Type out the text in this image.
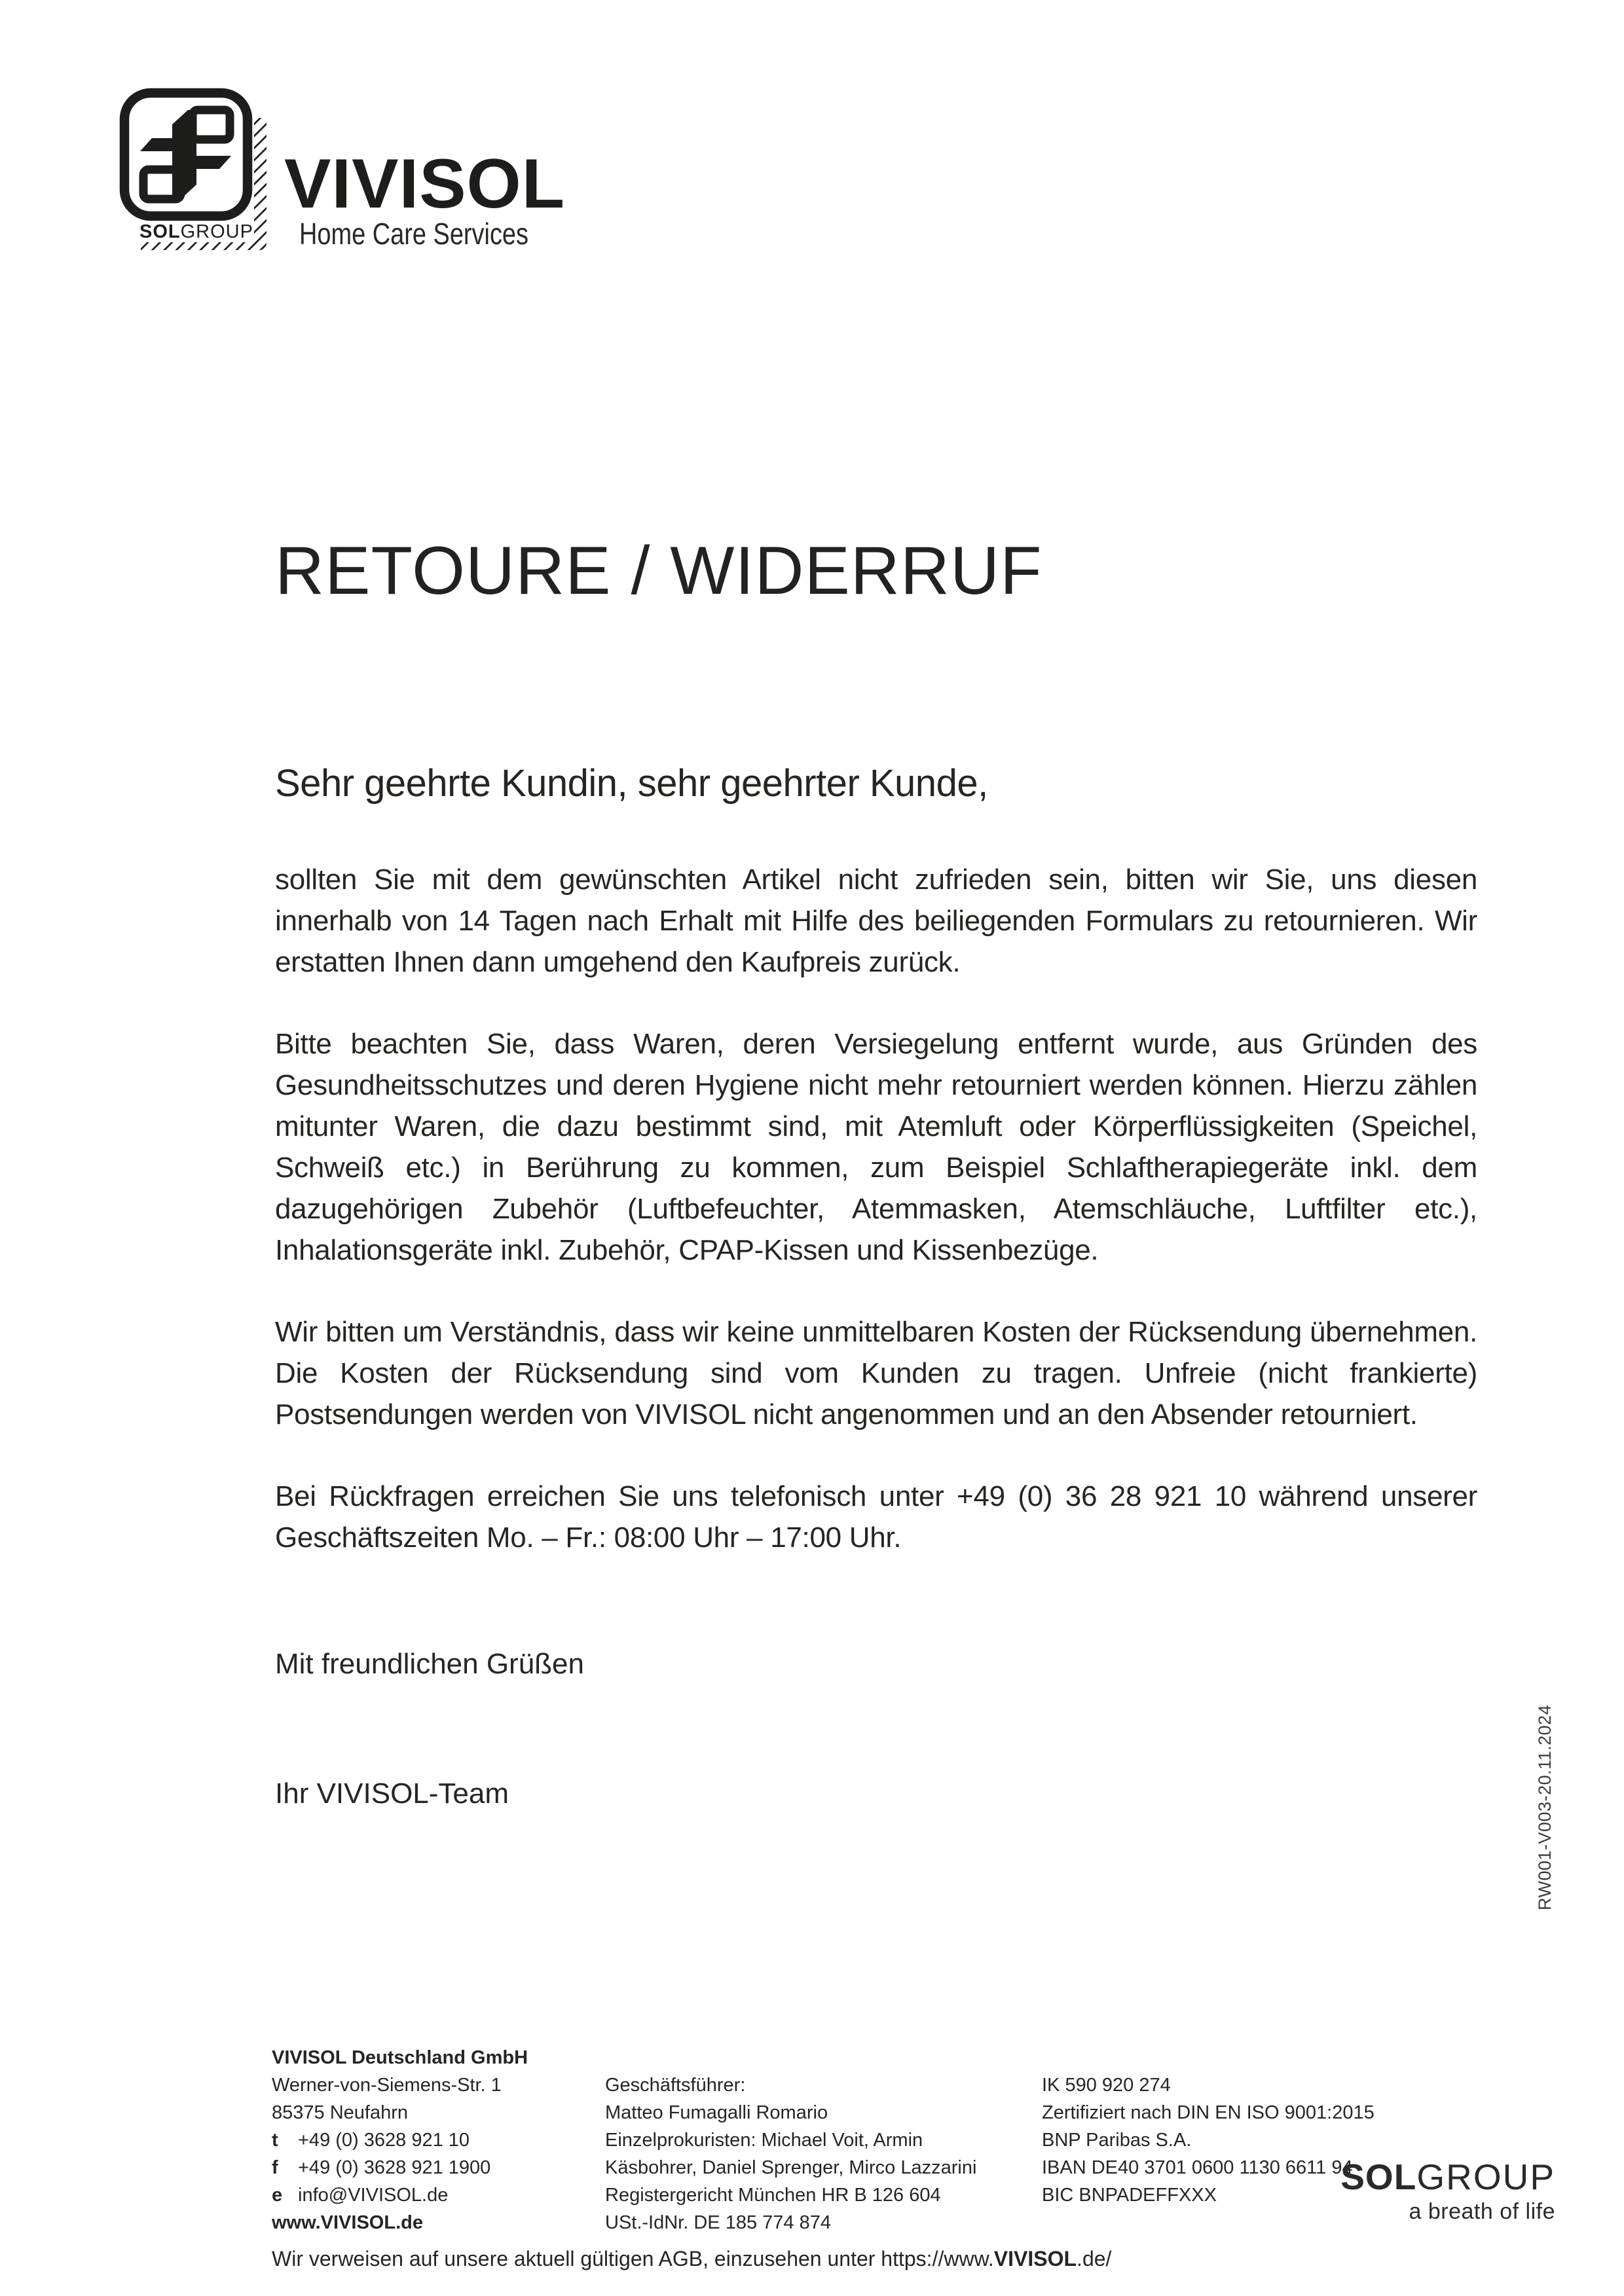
SOLGROUP
VIVISOL
Home Care Services
RETOURE / WIDERRUF

Sehr geehrte Kundin, sehr geehrter Kunde,

sollten Sie mit dem gewünschten Artikel nicht zufrieden sein, bitten wir Sie, uns diesen innerhalb von 14 Tagen nach Erhalt mit Hilfe des beiliegenden Formulars zu retournieren. Wir erstatten Ihnen dann umgehend den Kaufpreis zurück.

Bitte beachten Sie, dass Waren, deren Versiegelung entfernt wurde, aus Gründen des Gesundheitsschutzes und deren Hygiene nicht mehr retourniert werden können. Hierzu zählen mitunter Waren, die dazu bestimmt sind, mit Atemluft oder Körperflüssigkeiten (Speichel, Schweiß etc.) in Berührung zu kommen, zum Beispiel Schlaftherapiegeräte inkl. dem dazugehörigen Zubehör (Luftbefeuchter, Atemmasken, Atemschläuche, Luftfilter etc.), Inhalationsgeräte inkl. Zubehör, CPAP-Kissen und Kissenbezüge.

Wir bitten um Verständnis, dass wir keine unmittelbaren Kosten der Rücksendung übernehmen. Die Kosten der Rücksendung sind vom Kunden zu tragen. Unfreie (nicht frankierte) Postsendungen werden von VIVISOL nicht angenommen und an den Absender retourniert.

Bei Rückfragen erreichen Sie uns telefonisch unter +49 (0) 36 28 921 10 während unserer Geschäftszeiten Mo. – Fr.: 08:00 Uhr – 17:00 Uhr.

Mit freundlichen Grüßen

Ihr VIVISOL-Team	RW001-V003-20.11.2024
VIVISOL Deutschland GmbH
Werner-von-Siemens-Str. 1
85375 Neufahrn
t +49 (0) 3628 921 10
f +49 (0) 3628 921 1900
e info@VIVISOL.de
www.VIVISOL.de
Geschäftsführer:
Matteo Fumagalli Romario
Einzelprokuristen: Michael Voit, Armin
Käsbohrer, Daniel Sprenger, Mirco Lazzarini
Registergericht München HR B 126 604
USt.-IdNr. DE 185 774 874
IK 590 920 274
Zertifiziert nach DIN EN ISO 9001:2015
BNP Paribas S.A.
IBAN DE40 3701 0600 1130 6611 94
BIC BNPADEFFXXX	SOLGROUP
a breath of life
Wir verweisen auf unsere aktuell gültigen AGB, einzusehen unter https://www.VIVISOL.de/
